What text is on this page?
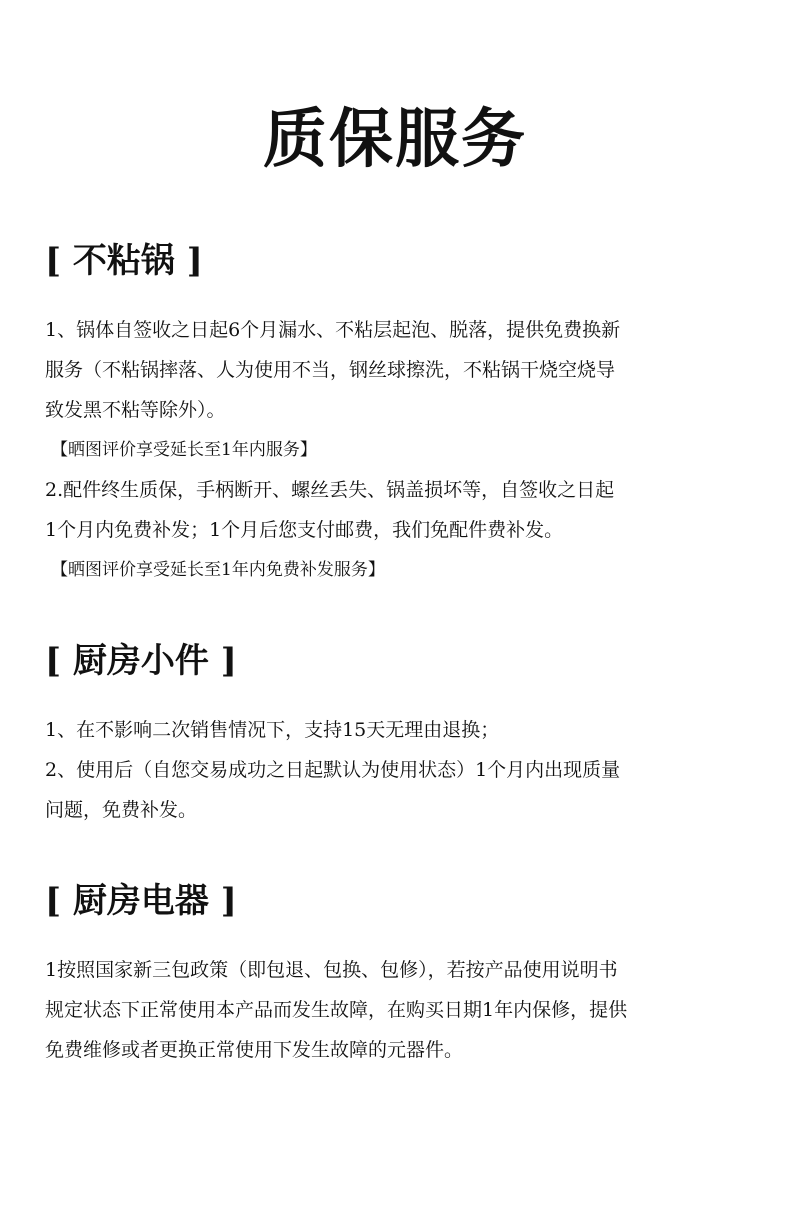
质保服务
[ 不粘锅 ]

1、锅体自签收之日起6个月漏水、不粘层起泡、脱落，提供免费换新
服务（不粘锅摔落、人为使用不当，钢丝球擦洗，不粘锅干烧空烧导
致发黑不粘等除外）。

【晒图评价享受延长至1年内服务】

2.配件终生质保，手柄断开、螺丝丢失、锅盖损坏等，自签收之日起
1个月内免费补发；1个月后您支付邮费，我们免配件费补发。

【晒图评价享受延长至1年内免费补发服务】

[ 厨房小件 ]

1、在不影响二次销售情况下，支持15天无理由退换；

2、使用后（自您交易成功之日起默认为使用状态）1个月内出现质量
问题，免费补发。

[ 厨房电器 ]

1按照国家新三包政策（即包退、包换、包修），若按产品使用说明书
规定状态下正常使用本产品而发生故障，在购买日期1年内保修，提供
免费维修或者更换正常使用下发生故障的元器件。
